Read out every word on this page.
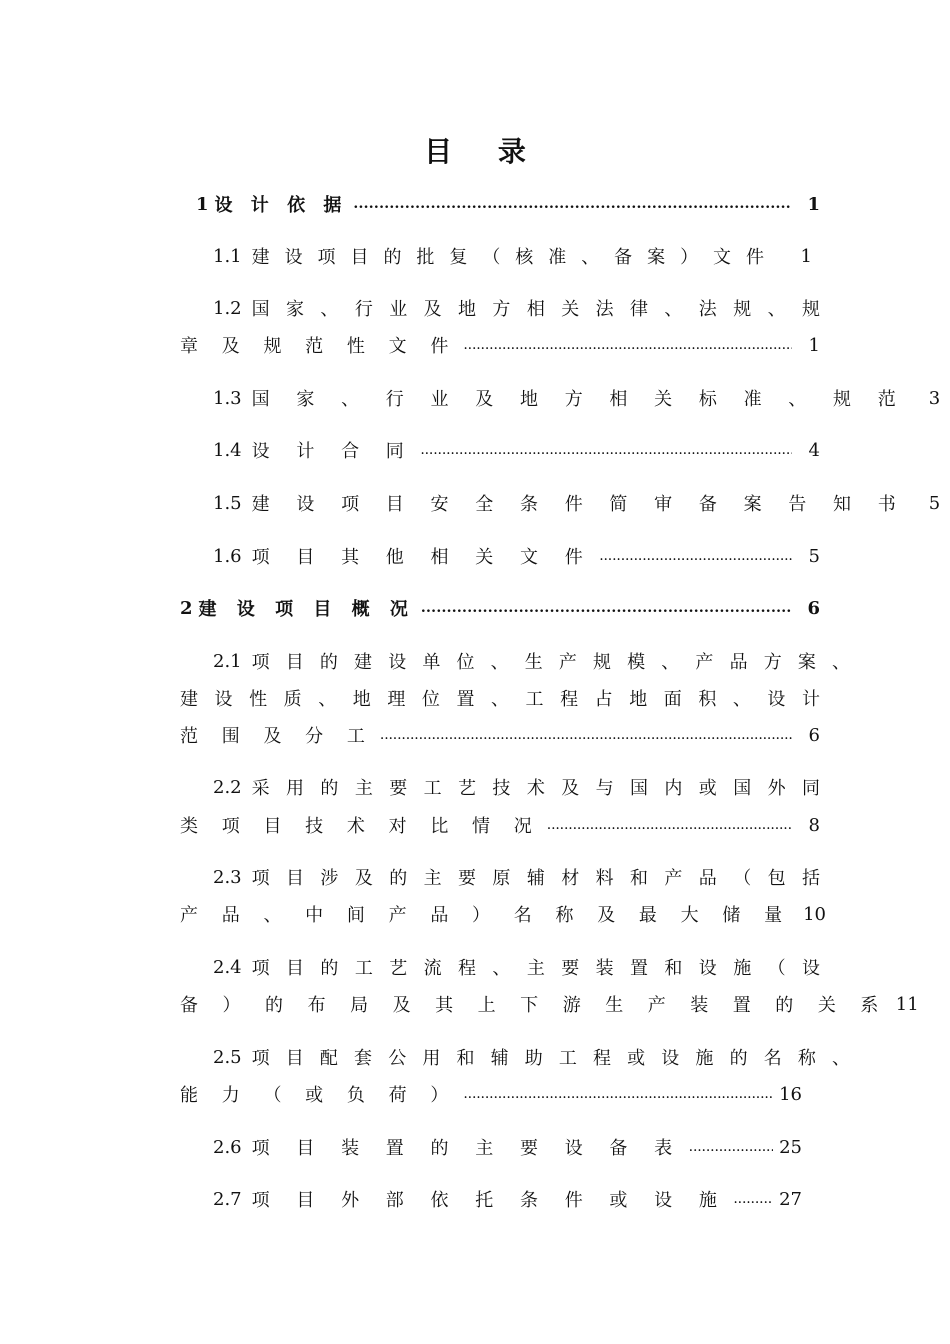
目 录
1 设 计 依 据 . . .	1
1.1 建 设 项 目 的 批 复 （ 核 准 、 备 案 ） 文 件	1
1.2 国 家 、 行 业 及 地 方 相 关 法 律 、 法 规 、 规
章 及 规 范 性 文 件 . . .	1
1.3 国 家 、 行 业 及 地 方 相 关 标 准 、 规 范	3
1.4 设 计 合 同 . . .	4
1.5 建 设 项 目 安 全 条 件 简 审 备 案 告 知 书	5
1.6 项 目 其 他 相 关 文 件 . . .	5
2 建 设 项 目 概 况 . . .	6
2.1 项 目 的 建 设 单 位 、 生 产 规 模 、 产 品 方 案 、
建 设 性 质 、 地 理 位 置 、 工 程 占 地 面 积 、 设 计
范 围 及 分 工 . . .	6
2.2 采 用 的 主 要 工 艺 技 术 及 与 国 内 或 国 外 同
类 项 目 技 术 对 比 情 况 . . .	8
2.3 项 目 涉 及 的 主 要 原 辅 材 料 和 产 品 （ 包 括
产 品 、 中 间 产 品 ） 名 称 及 最 大 储 量 10
2.4 项 目 的 工 艺 流 程 、 主 要 装 置 和 设 施 （ 设
备 ） 的 布 局 及 其 上 下 游 生 产 装 置 的 关 系 11
2.5 项 目 配 套 公 用 和 辅 助 工 程 或 设 施 的 名 称 、
能 力 （ 或 负 荷 ） . . .	16
2.6 项 目 装 置 的 主 要 设 备 表 . . .	25
2.7 项 目 外 部 依 托 条 件 或 设 施 . . .	27
